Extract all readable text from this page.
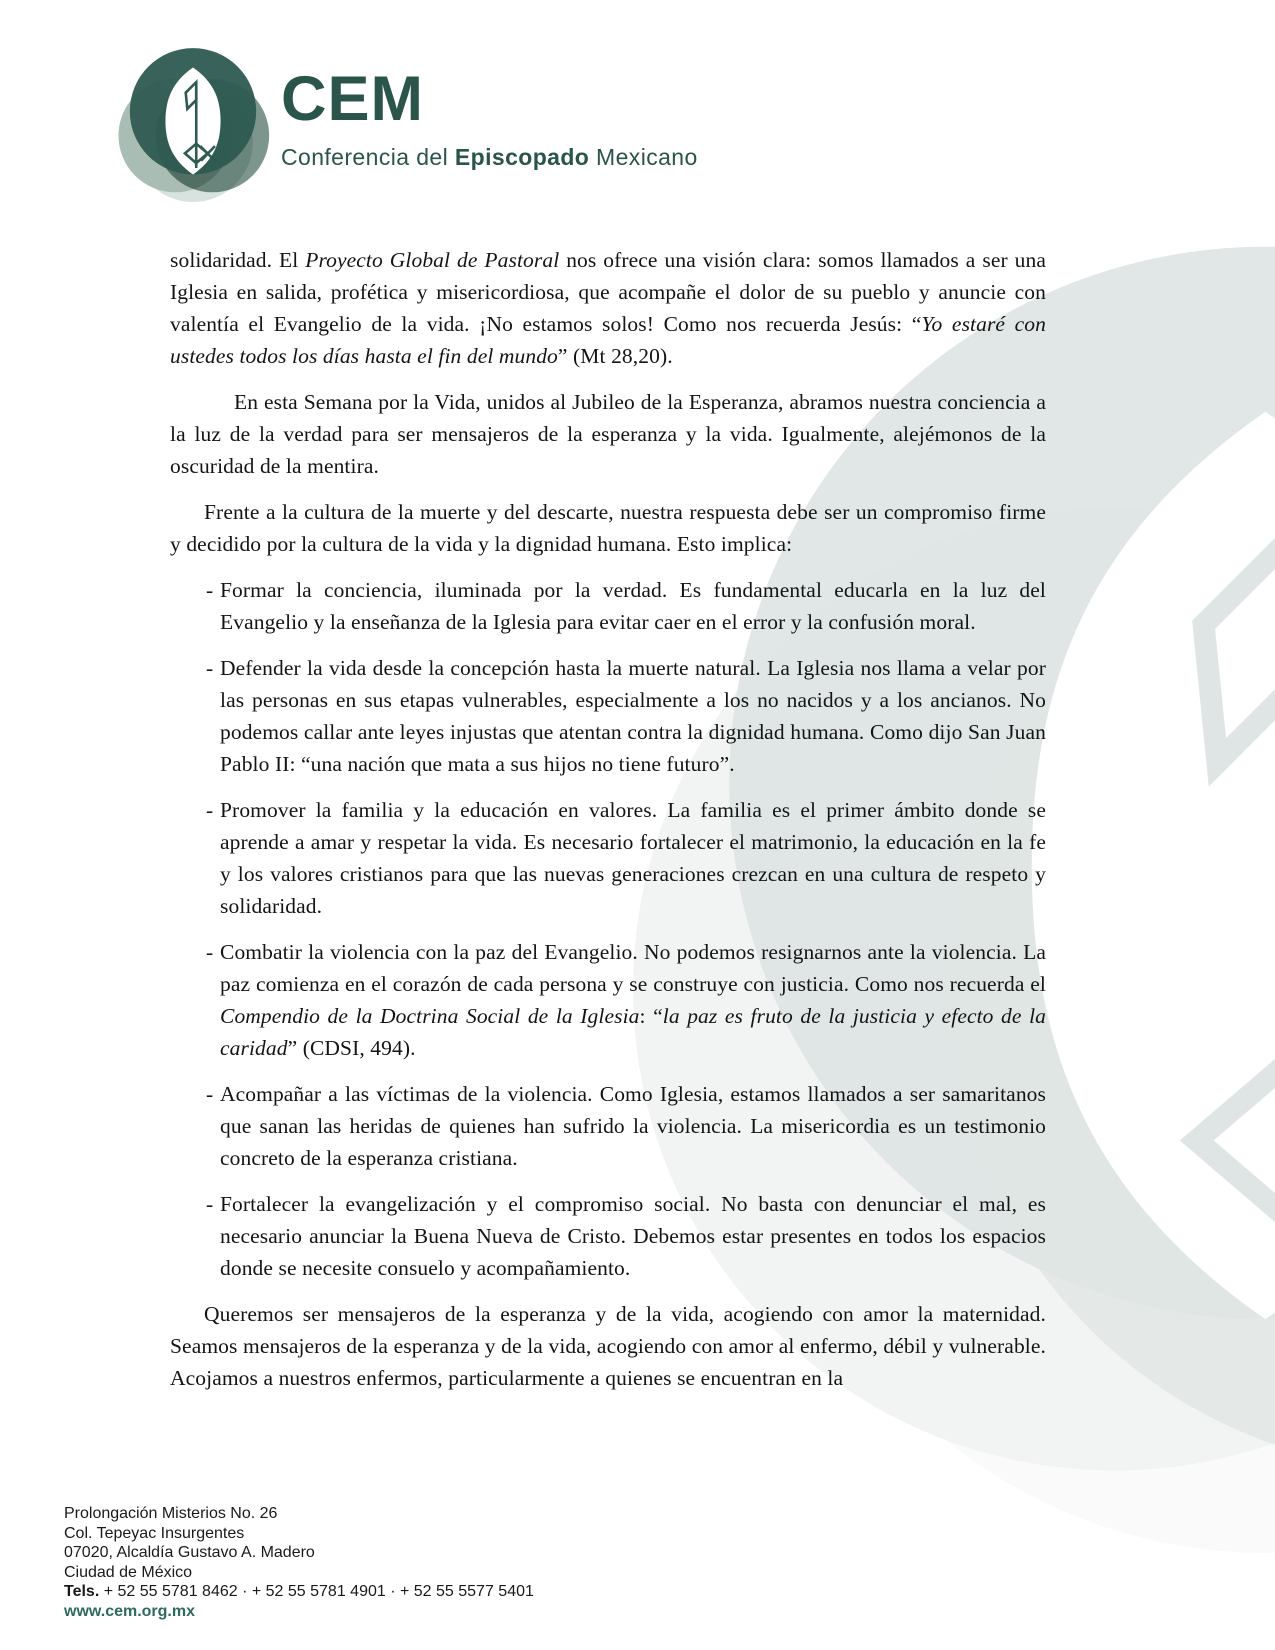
CEM
Conferencia del Episcopado Mexicano
solidaridad. El Proyecto Global de Pastoral nos ofrece una visión clara: somos llamados a ser una Iglesia en salida, profética y misericordiosa, que acompañe el dolor de su pueblo y anuncie con valentía el Evangelio de la vida. ¡No estamos solos! Como nos recuerda Jesús: “Yo estaré con ustedes todos los días hasta el fin del mundo” (Mt 28,20).
En esta Semana por la Vida, unidos al Jubileo de la Esperanza, abramos nuestra conciencia a la luz de la verdad para ser mensajeros de la esperanza y la vida. Igualmente, alejémonos de la oscuridad de la mentira.
Frente a la cultura de la muerte y del descarte, nuestra respuesta debe ser un compromiso firme y decidido por la cultura de la vida y la dignidad humana. Esto implica:
- Formar la conciencia, iluminada por la verdad. Es fundamental educarla en la luz del Evangelio y la enseñanza de la Iglesia para evitar caer en el error y la confusión moral.
- Defender la vida desde la concepción hasta la muerte natural. La Iglesia nos llama a velar por las personas en sus etapas vulnerables, especialmente a los no nacidos y a los ancianos. No podemos callar ante leyes injustas que atentan contra la dignidad humana. Como dijo San Juan Pablo II: “una nación que mata a sus hijos no tiene futuro”.
- Promover la familia y la educación en valores. La familia es el primer ámbito donde se aprende a amar y respetar la vida. Es necesario fortalecer el matrimonio, la educación en la fe y los valores cristianos para que las nuevas generaciones crezcan en una cultura de respeto y solidaridad.
- Combatir la violencia con la paz del Evangelio. No podemos resignarnos ante la violencia. La paz comienza en el corazón de cada persona y se construye con justicia. Como nos recuerda el Compendio de la Doctrina Social de la Iglesia: “la paz es fruto de la justicia y efecto de la caridad” (CDSI, 494).
- Acompañar a las víctimas de la violencia. Como Iglesia, estamos llamados a ser samaritanos que sanan las heridas de quienes han sufrido la violencia. La misericordia es un testimonio concreto de la esperanza cristiana.
- Fortalecer la evangelización y el compromiso social. No basta con denunciar el mal, es necesario anunciar la Buena Nueva de Cristo. Debemos estar presentes en todos los espacios donde se necesite consuelo y acompañamiento.
Queremos ser mensajeros de la esperanza y de la vida, acogiendo con amor la maternidad. Seamos mensajeros de la esperanza y de la vida, acogiendo con amor al enfermo, débil y vulnerable. Acojamos a nuestros enfermos, particularmente a quienes se encuentran en la
Prolongación Misterios No. 26
Col. Tepeyac Insurgentes
07020, Alcaldía Gustavo A. Madero
Ciudad de México
Tels. + 52 55 5781 8462 · + 52 55 5781 4901 · + 52 55 5577 5401
www.cem.org.mx
